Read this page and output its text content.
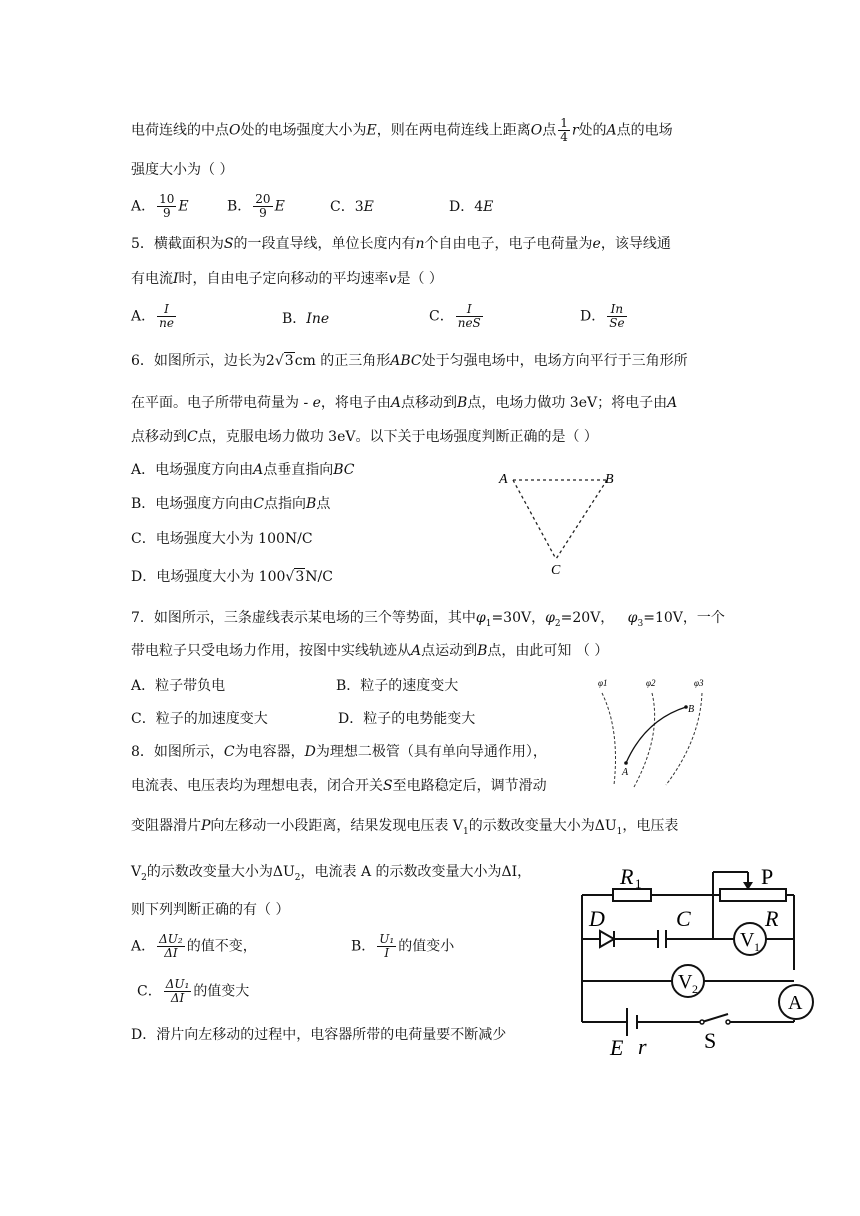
电荷连线的中点O处的电场强度大小为E，则在两电荷连线上距离O点 $\frac{1}{4}$ r处的A点的电场
强度大小为（ ）
A． $\frac{10}{9}$ E	B． $\frac{20}{9}$ E	C．3E	D．4E
5．横截面积为S的一段直导线，单位长度内有n个自由电子，电子电荷量为e，该导线通
有电流I时，自由电子定向移动的平均速率v是（ ）
A． $\frac{I}{ne}$	B．Ine	C． $\frac{I}{\text{neS}}$	D． $\frac{In}{Se}$
6．如图所示，边长为2√3cm 的正三角形ABC处于匀强电场中，电场方向平行于三角形所
在平面。电子所带电荷量为 - e，将电子由A点移动到B点，电场力做功 3eV；将电子由A
点移动到C点，克服电场力做功 3eV。以下关于电场强度判断正确的是（ ）
A．电场强度方向由A点垂直指向BC
B．电场强度方向由C点指向B点
C．电场强度大小为 100N/C
D．电场强度大小为 100√3N/C
A	B
C
7．如图所示，三条虚线表示某电场的三个等势面，其中$\varphi_1=30V$，$\varphi_2=20V$， $\varphi_3=10V$，一个
带电粒子只受电场力作用，按图中实线轨迹从A点运动到B点，由此可知 （ ）
A．粒子带负电	B．粒子的速度变大
C．粒子的加速度变大	D．粒子的电势能变大
φ1	φ2	φ3
A
B
8．如图所示，C为电容器，D为理想二极管（具有单向导通作用），
电流表、电压表均为理想电表，闭合开关S至电路稳定后，调节滑动
变阻器滑片P向左移动一小段距离，结果发现电压表 $V_1$的示数改变量大小为$\Delta U_1$，电压表
$V_2$的示数改变量大小为$\Delta U_2$，电流表 A 的示数改变量大小为ΔI，
则下列判断正确的有（ ）
A． $\frac{\text{ΔU₂}}{\Delta I}$ 的值不变，	B． $\frac{\text{U₁}}{I}$ 的值变小
C． $\frac{\text{ΔU₁}}{\Delta I}$ 的值变大
D．滑片向左移动的过程中，电容器所带的电荷量要不断减少
R 1	P
R
D	C
V 1
V 2
A
E r	S
